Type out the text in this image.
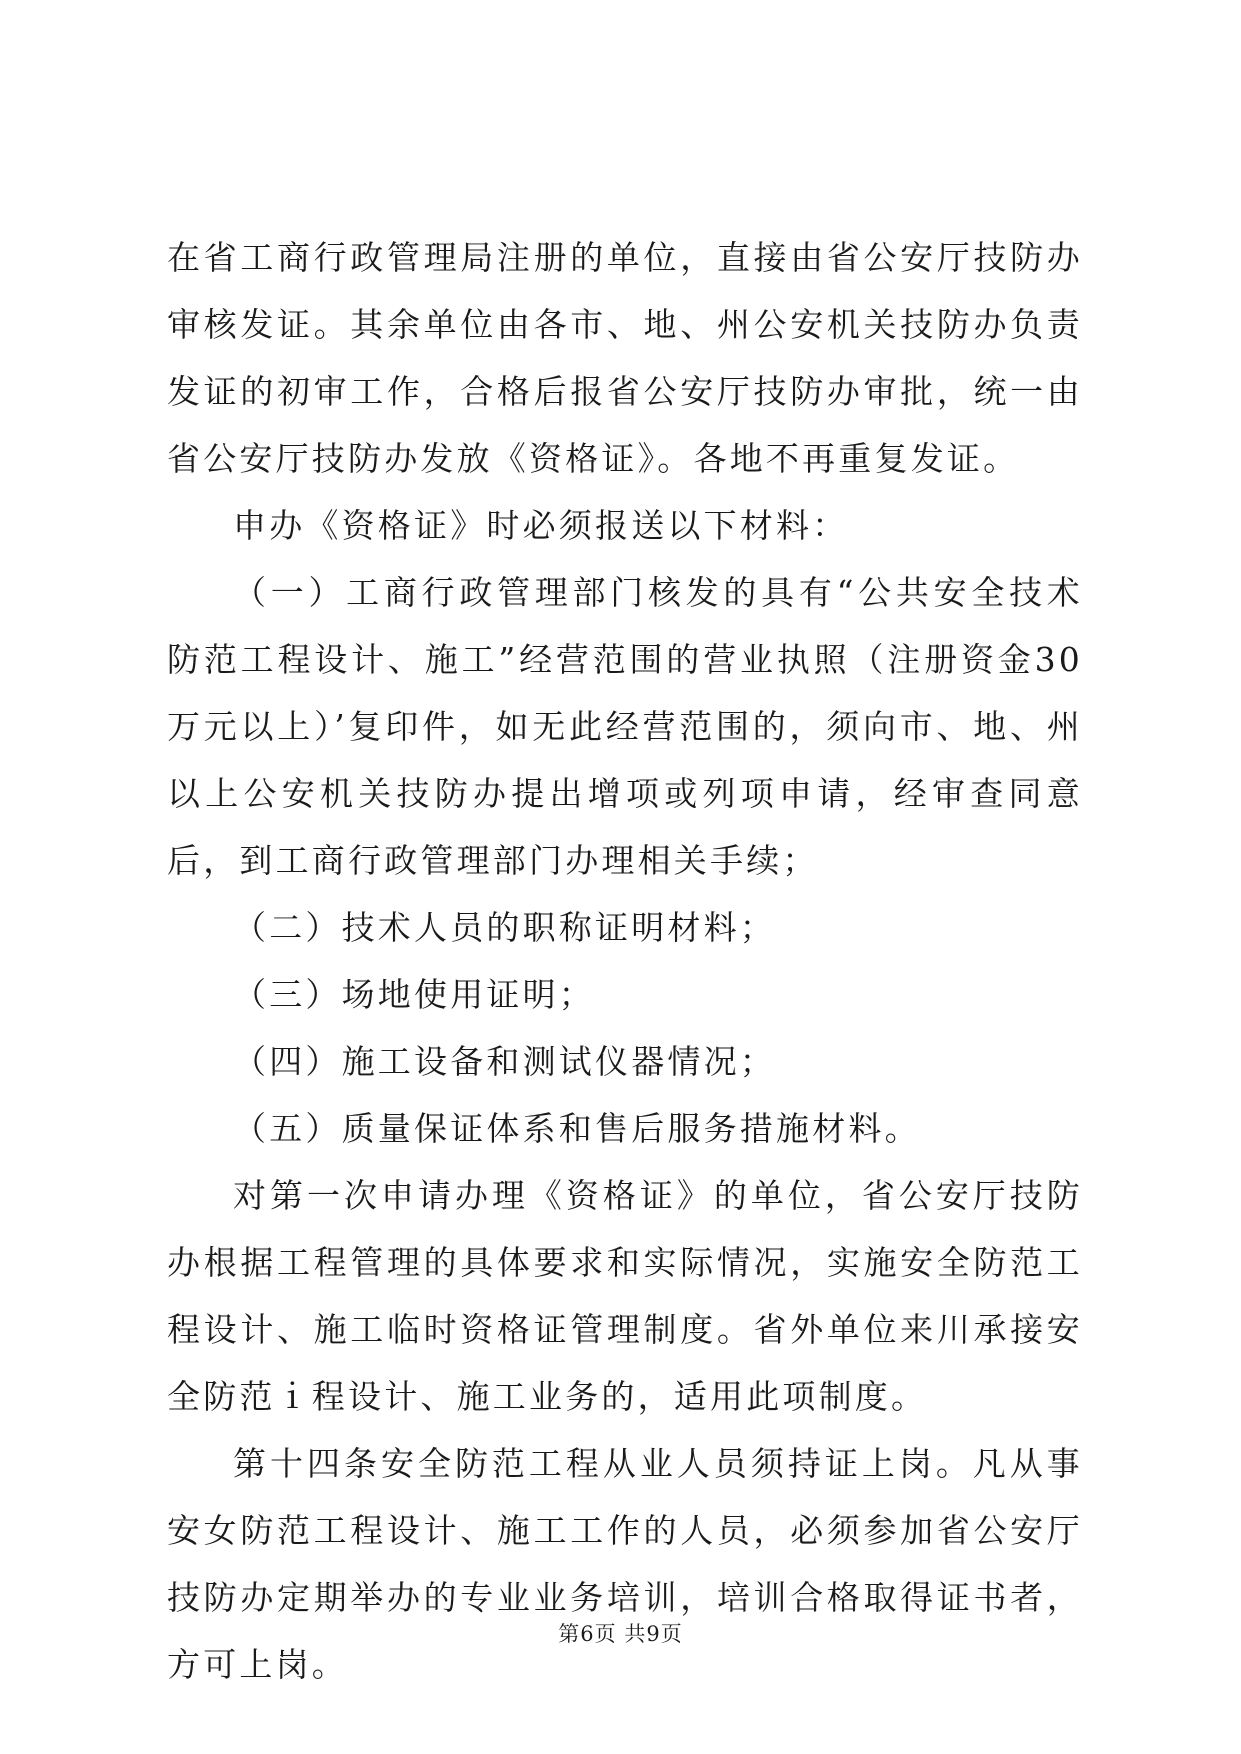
在省工商行政管理局注册的单位，直接由省公安厅技防办审核发证。其余单位由各市、地、州公安机关技防办负责发证的初审工作，合格后报省公安厅技防办审批，统一由省公安厅技防办发放《资格证》。各地不再重复发证。

申办《资格证》时必须报送以下材料：

（一）工商行政管理部门核发的具有“公共安全技术防范工程设计、施工”经营范围的营业执照（注册资金30万元以上）’复印件，如无此经营范围的，须向市、地、州以上公安机关技防办提出增项或列项申请，经审查同意后，到工商行政管理部门办理相关手续；

（二）技术人员的职称证明材料；

（三）场地使用证明；

（四）施工设备和测试仪器情况；

（五）质量保证体系和售后服务措施材料。

对第一次申请办理《资格证》的单位，省公安厅技防办根据工程管理的具体要求和实际情况，实施安全防范工程设计、施工临时资格证管理制度。省外单位来川承接安全防范ｉ程设计、施工业务的，适用此项制度。

第十四条安全防范工程从业人员须持证上岗。凡从事安女防范工程设计、施工工作的人员，必须参加省公安厅技防办定期举办的专业业务培训，培训合格取得证书者，方可上岗。

第6页 共9页
